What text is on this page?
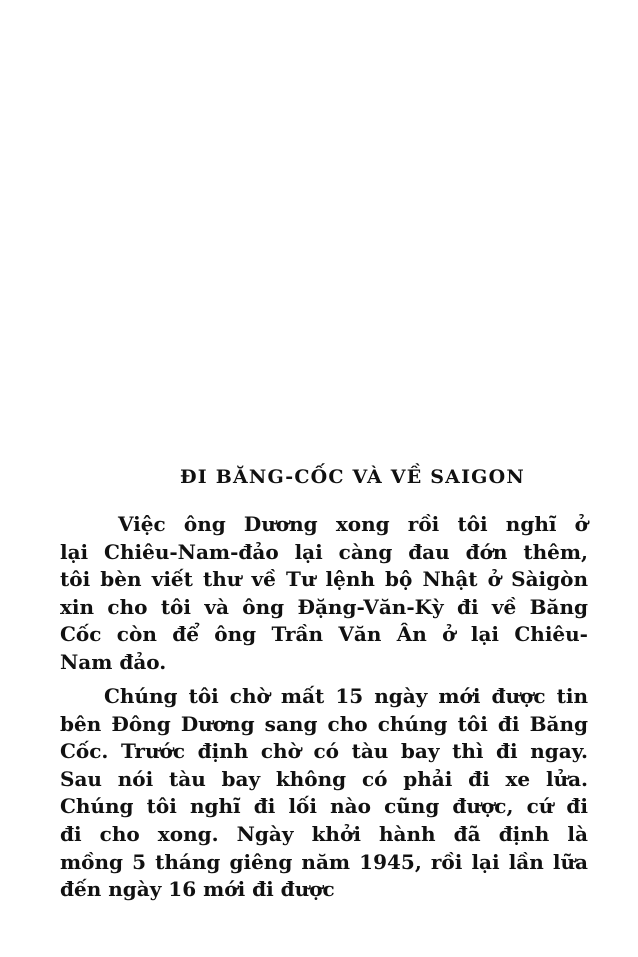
ĐI BĂNG-CỐC VÀ VỀ SAIGON
Việc ông Dương xong rồi tôi nghĩ ở
lại Chiêu-Nam-đảo lại càng đau đớn thêm,
tôi bèn viết thư về Tư lệnh bộ Nhật ở Sàigòn
xin cho tôi và ông Đặng-Văn-Kỳ đi về Băng
Cốc còn để ông Trần Văn Ân ở lại Chiêu-
Nam đảo.
Chúng tôi chờ mất 15 ngày mới được tin
bên Đông Dương sang cho chúng tôi đi Băng
Cốc. Trước định chờ có tàu bay thì đi ngay.
Sau nói tàu bay không có phải đi xe lửa.
Chúng tôi nghĩ đi lối nào cũng được, cứ đi
đi cho xong. Ngày khởi hành đã định là
mồng 5 tháng giêng năm 1945, rồi lại lần lữa
đến ngày 16 mới đi được
